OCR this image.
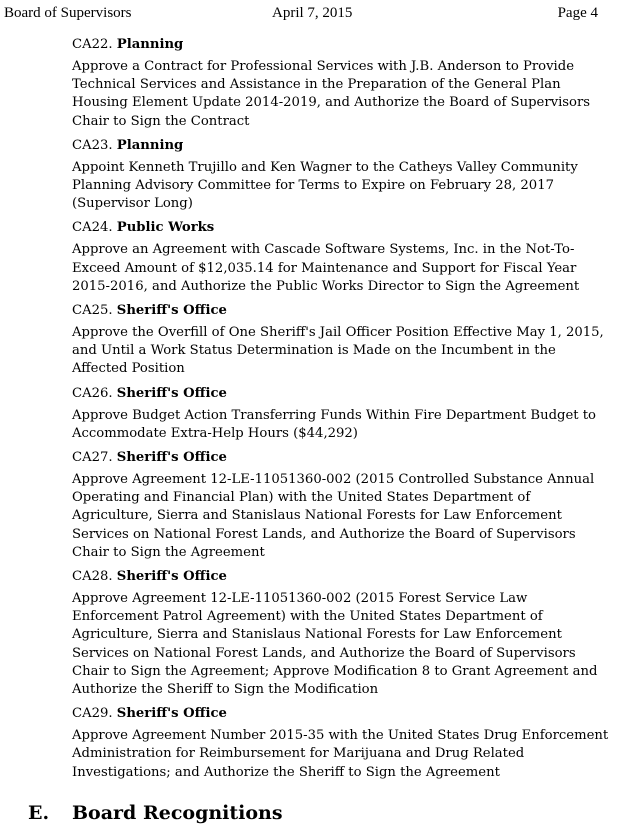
Board of Supervisors	April 7, 2015	Page 4
CA22. Planning
Approve a Contract for Professional Services with J.B. Anderson to Provide
Technical Services and Assistance in the Preparation of the General Plan
Housing Element Update 2014-2019, and Authorize the Board of Supervisors
Chair to Sign the Contract
CA23. Planning
Appoint Kenneth Trujillo and Ken Wagner to the Catheys Valley Community
Planning Advisory Committee for Terms to Expire on February 28, 2017
(Supervisor Long)
CA24. Public Works
Approve an Agreement with Cascade Software Systems, Inc. in the Not-To-
Exceed Amount of $12,035.14 for Maintenance and Support for Fiscal Year
2015-2016, and Authorize the Public Works Director to Sign the Agreement
CA25. Sheriff's Office
Approve the Overfill of One Sheriff's Jail Officer Position Effective May 1, 2015,
and Until a Work Status Determination is Made on the Incumbent in the
Affected Position
CA26. Sheriff's Office
Approve Budget Action Transferring Funds Within Fire Department Budget to
Accommodate Extra-Help Hours ($44,292)
CA27. Sheriff's Office
Approve Agreement 12-LE-11051360-002 (2015 Controlled Substance Annual
Operating and Financial Plan) with the United States Department of
Agriculture, Sierra and Stanislaus National Forests for Law Enforcement
Services on National Forest Lands, and Authorize the Board of Supervisors
Chair to Sign the Agreement
CA28. Sheriff's Office
Approve Agreement 12-LE-11051360-002 (2015 Forest Service Law
Enforcement Patrol Agreement) with the United States Department of
Agriculture, Sierra and Stanislaus National Forests for Law Enforcement
Services on National Forest Lands, and Authorize the Board of Supervisors
Chair to Sign the Agreement; Approve Modification 8 to Grant Agreement and
Authorize the Sheriff to Sign the Modification
CA29. Sheriff's Office
Approve Agreement Number 2015-35 with the United States Drug Enforcement
Administration for Reimbursement for Marijuana and Drug Related
Investigations; and Authorize the Sheriff to Sign the Agreement
E. Board Recognitions
